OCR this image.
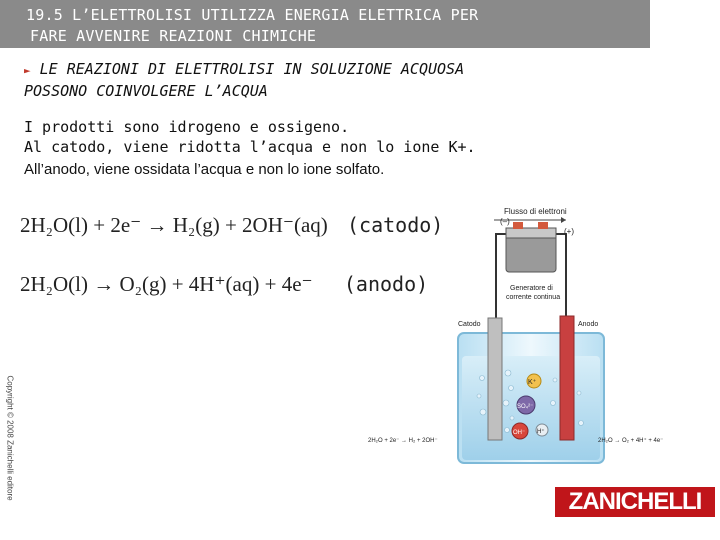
19.5 L’ELETTROLISI UTILIZZA ENERGIA ELETTRICA PER
FARE AVVENIRE REAZIONI CHIMICHE
► LE REAZIONI DI ELETTROLISI IN SOLUZIONE ACQUOSA
POSSONO COINVOLGERE L’ACQUA
I prodotti sono idrogeno e ossigeno.
Al catodo, viene ridotta l’acqua e non lo ione K+.
All’anodo, viene ossidata l’acqua e non lo ione solfato.
2H₂O(l) + 2e⁻ → H₂(g) + 2OH⁻(aq) (catodo)
2H₂O(l) → O₂(g) + 4H⁺(aq) + 4e⁻ (anodo)
Copyright © 2008 Zanichelli editore
Flusso di elettroni
(–)
(+)
Generatore di
corrente continua
Catodo	Anodo
K⁺
SO₄²⁻
OH⁻ H⁺
2H₂O + 2e⁻ → H₂ + 2OH⁻	2H₂O → O₂ + 4H⁺ + 4e⁻
ZANICHELLI
